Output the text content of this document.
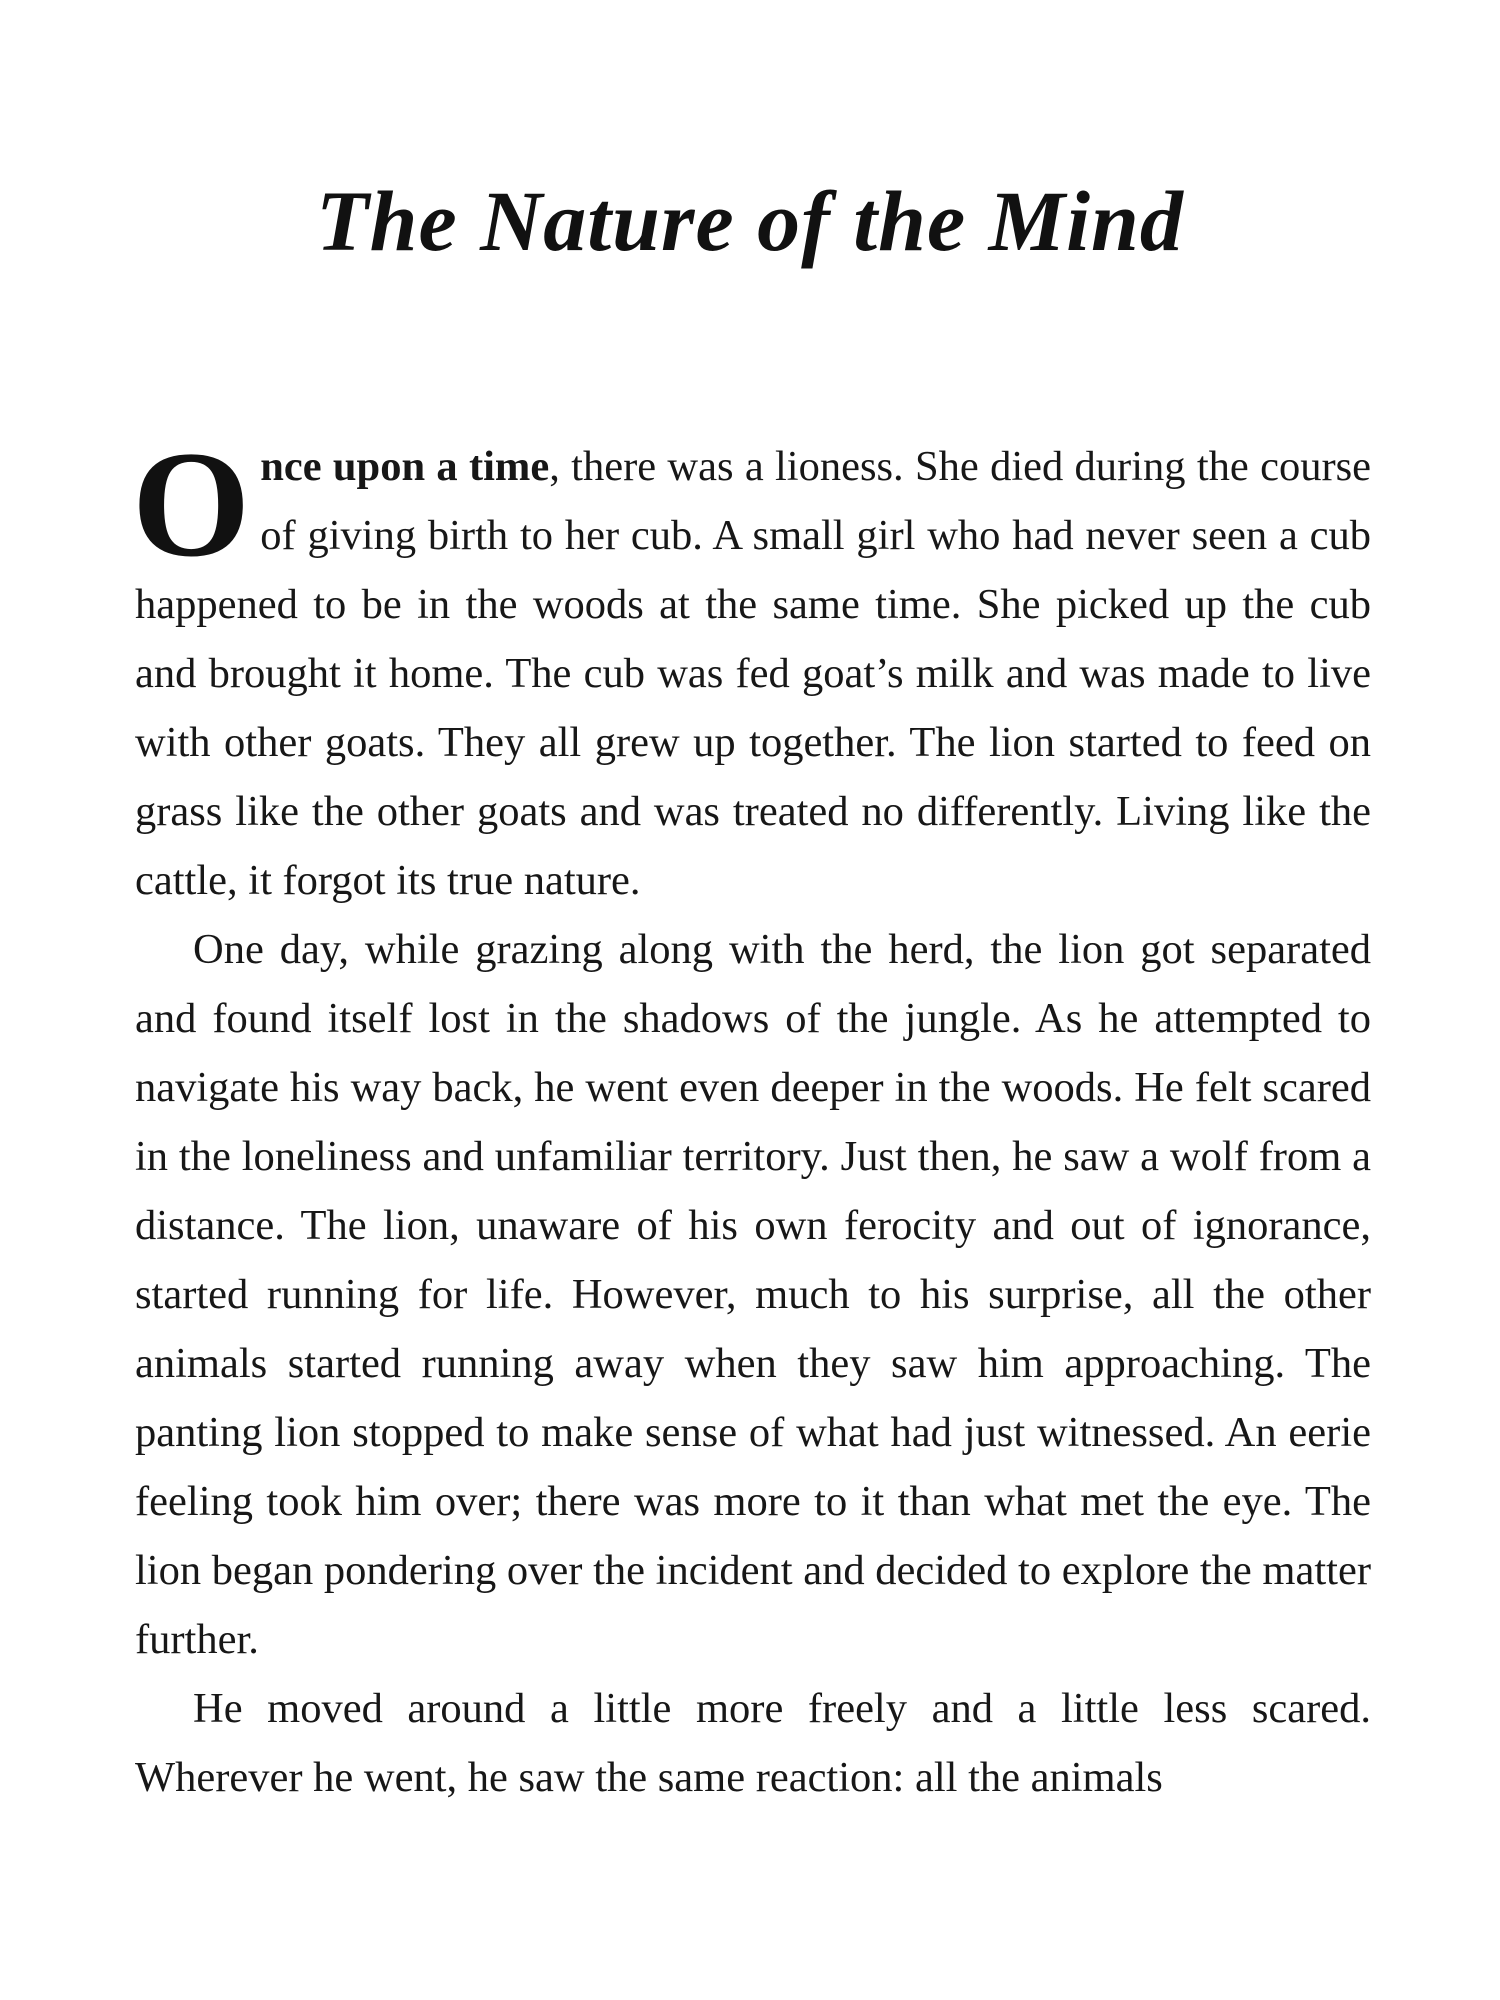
The Nature of the Mind

Once upon a time, there was a lioness. She died during the course of giving birth to her cub. A small girl who had never seen a cub happened to be in the woods at the same time. She picked up the cub and brought it home. The cub was fed goat’s milk and was made to live with other goats. They all grew up together. The lion started to feed on grass like the other goats and was treated no differently. Living like the cattle, it forgot its true nature.

One day, while grazing along with the herd, the lion got separated and found itself lost in the shadows of the jungle. As he attempted to navigate his way back, he went even deeper in the woods. He felt scared in the loneliness and unfamiliar territory. Just then, he saw a wolf from a distance. The lion, unaware of his own ferocity and out of ignorance, started running for life. However, much to his surprise, all the other animals started running away when they saw him approaching. The panting lion stopped to make sense of what had just witnessed. An eerie feeling took him over; there was more to it than what met the eye. The lion began pondering over the incident and decided to explore the matter further.

He moved around a little more freely and a little less scared. Wherever he went, he saw the same reaction: all the animals
